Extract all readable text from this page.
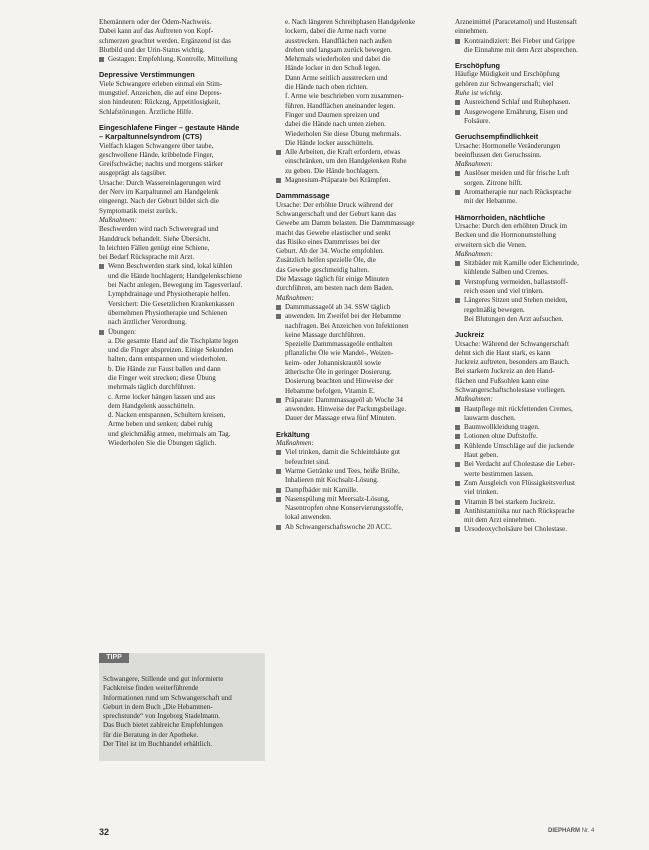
Ehemännern oder der Ödem-Nachweis.
Dabei kann auf das Auftreten von Kopf-
schmerzen geachtet werden. Ergänzend ist das
Blutbild und der Urin-Status wichtig.
Gestagen: Empfehlung, Kontrolle, Mitteilung
Depressive Verstimmungen
Viele Schwangere erleben einmal ein Stim-
mungstief. Anzeichen, die auf eine Depres-
sion hindeuten: Rückzug, Appetitlosigkeit,
Schlafstörungen. Ärztliche Hilfe.
Eingeschlafene Finger – gestaute Hände
– Karpaltunnelsyndrom (CTS)
Vielfach klagen Schwangere über taube,
geschwollene Hände, kribbelnde Finger,
Greifschwäche; nachts und morgens stärker
ausgeprägt als tagsüber.
Ursache: Durch Wassereinlagerungen wird
der Nerv im Karpaltunnel am Handgelenk
eingeengt. Nach der Geburt bildet sich die
Symptomatik meist zurück.
Maßnahmen:
Beschwerden wird nach Schweregrad und
Handdruck behandelt. Siehe Übersicht.
In leichten Fällen genügt eine Schiene,
bei Bedarf Rücksprache mit Arzt.
Wenn Beschwerden stark sind, lokal kühlen
und die Hände hochlagern; Handgelenkschiene
bei Nacht anlegen, Bewegung im Tagesverlauf.
Lymphdrainage und Physiotherapie helfen.
Versichert: Die Gesetzlichen Krankenkassen
übernehmen Physiotherapie und Schienen
nach ärztlicher Verordnung.
Übungen:
a. Die gesamte Hand auf die Tischplatte legen
und die Finger abspreizen. Einige Sekunden
halten, dann entspannen und wiederholen.
b. Die Hände zur Faust ballen und dann
die Finger weit strecken; diese Übung
mehrmals täglich durchführen.
c. Arme locker hängen lassen und aus
dem Handgelenk ausschütteln.
d. Nacken entspannen, Schultern kreisen,
Arme heben und senken; dabei ruhig
und gleichmäßig atmen, mehrmals am Tag.
Wiederholen Sie die Übungen täglich.
TIPP
Schwangere, Stillende und gut informierte
Fachkreise finden weiterführende
Informationen rund um Schwangerschaft und
Geburt in dem Buch „Die Hebammen-
sprechstunde“ von Ingeborg Stadelmann.
Das Buch bietet zahlreiche Empfehlungen
für die Beratung in der Apotheke.
Der Titel ist im Buchhandel erhältlich.
e. Nach längeren Schreibphasen Handgelenke
lockern, dabei die Arme nach vorne
ausstrecken. Handflächen nach außen
drehen und langsam zurück bewegen.
Mehrmals wiederholen und dabei die
Hände locker in den Schoß legen.
Dann Arme seitlich ausstrecken und
die Hände nach oben richten.
f. Arme wie beschrieben vorn zusammen-
führen. Handflächen aneinander legen.
Finger und Daumen spreizen und
dabei die Hände nach unten ziehen.
Wiederholen Sie diese Übung mehrmals.
Die Hände locker ausschütteln.
Alle Arbeiten, die Kraft erfordern, etwas
einschränken, um den Handgelenken Ruhe
zu geben. Die Hände hochlagern.
Magnesium-Präparate bei Krämpfen.
Dammmassage
Ursache: Der erhöhte Druck während der
Schwangerschaft und der Geburt kann das
Gewebe am Damm belasten. Die Dammmassage
macht das Gewebe elastischer und senkt
das Risiko eines Dammrisses bei der
Geburt. Ab der 34. Woche empfohlen.
Zusätzlich helfen spezielle Öle, die
das Gewebe geschmeidig halten.
Die Massage täglich für einige Minuten
durchführen, am besten nach dem Baden.
Maßnahmen:
Dammmassageöl ab 34. SSW täglich
anwenden. Im Zweifel bei der Hebamme
nachfragen. Bei Anzeichen von Infektionen
keine Massage durchführen.
Spezielle Dammmassageöle enthalten
pflanzliche Öle wie Mandel-, Weizen-
keim- oder Johanniskrautöl sowie
ätherische Öle in geringer Dosierung.
Dosierung beachten und Hinweise der
Hebamme befolgen, Vitamin E.
Präparate: Dammmassageöl ab Woche 34
anwenden. Hinweise der Packungsbeilage.
Dauer der Massage etwa fünf Minuten.
Erkältung
Maßnahmen:
Viel trinken, damit die Schleimhäute gut
befeuchtet sind.
Warme Getränke und Tees, heiße Brühe,
Inhalieren mit Kochsalz-Lösung.
Dampfbäder mit Kamille.
Nasenspülung mit Meersalz-Lösung,
Nasentropfen ohne Konservierungsstoffe,
lokal anwenden.
Ab Schwangerschaftswoche 20 ACC.
Arzneimittel (Paracetamol) und Hustensaft
einnehmen.
Kontraindiziert: Bei Fieber und Grippe
die Einnahme mit dem Arzt absprechen.
Erschöpfung
Häufige Müdigkeit und Erschöpfung
gehören zur Schwangerschaft; viel
Ruhe ist wichtig.
Ausreichend Schlaf und Ruhephasen.
Ausgewogene Ernährung, Eisen und
Folsäure.
Geruchsempfindlichkeit
Ursache: Hormonelle Veränderungen
beeinflussen den Geruchssinn.
Maßnahmen:
Auslöser meiden und für frische Luft
sorgen. Zitrone hilft.
Aromatherapie nur nach Rücksprache
mit der Hebamme.
Hämorrhoiden, nächtliche
Ursache: Durch den erhöhten Druck im
Becken und die Hormonumstellung
erweitern sich die Venen.
Maßnahmen:
Sitzbäder mit Kamille oder Eichenrinde,
kühlende Salben und Cremes.
Verstopfung vermeiden, ballaststoff-
reich essen und viel trinken.
Längeres Sitzen und Stehen meiden,
regelmäßig bewegen.
Bei Blutungen den Arzt aufsuchen.
Juckreiz
Ursache: Während der Schwangerschaft
dehnt sich die Haut stark, es kann
Juckreiz auftreten, besonders am Bauch.
Bei starkem Juckreiz an den Hand-
flächen und Fußsohlen kann eine
Schwangerschaftscholestase vorliegen.
Maßnahmen:
Hautpflege mit rückfettenden Cremes,
lauwarm duschen.
Baumwollkleidung tragen.
Lotionen ohne Duftstoffe.
Kühlende Umschläge auf die juckende
Haut geben.
Bei Verdacht auf Cholestase die Leber-
werte bestimmen lassen.
Zum Ausgleich von Flüssigkeitsverlust
viel trinken.
Vitamin B bei starkem Juckreiz.
Antihistaminika nur nach Rücksprache
mit dem Arzt einnehmen.
Ursodeoxycholsäure bei Cholestase.
32	DIEPHARM Nr. 4
